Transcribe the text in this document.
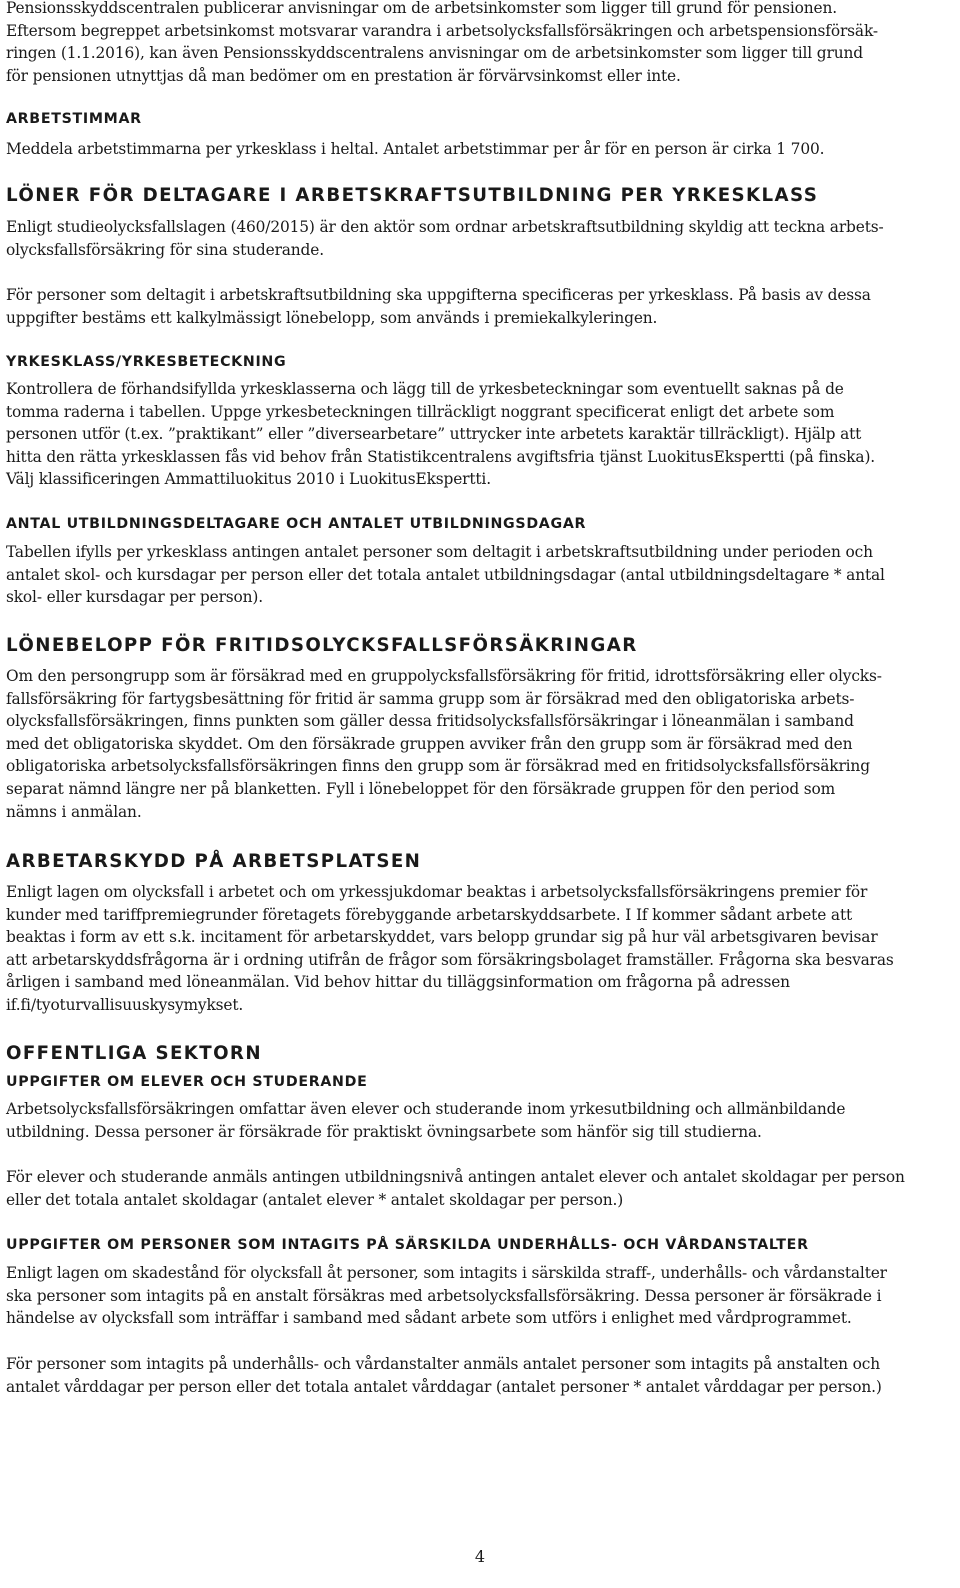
Pensionsskyddscentralen publicerar anvisningar om de arbetsinkomster som ligger till grund för pensionen.
Eftersom begreppet arbetsinkomst motsvarar varandra i arbetsolycksfallsförsäkringen och arbetspensionsförsäk-
ringen (1.1.2016), kan även Pensionsskyddscentralens anvisningar om de arbetsinkomster som ligger till grund
för pensionen utnyttjas då man bedömer om en prestation är förvärvsinkomst eller inte.

ARBETSTIMMAR

Meddela arbetstimmarna per yrkesklass i heltal. Antalet arbetstimmar per år för en person är cirka 1 700.

LÖNER FÖR DELTAGARE I ARBETSKRAFTSUTBILDNING PER YRKESKLASS

Enligt studieolycksfallslagen (460/2015) är den aktör som ordnar arbetskraftsutbildning skyldig att teckna arbets-
olycksfallsförsäkring för sina studerande.

För personer som deltagit i arbetskraftsutbildning ska uppgifterna specificeras per yrkesklass. På basis av dessa
uppgifter bestäms ett kalkylmässigt lönebelopp, som används i premiekalkyleringen.

YRKESKLASS/YRKESBETECKNING

Kontrollera de förhandsifyllda yrkesklasserna och lägg till de yrkesbeteckningar som eventuellt saknas på de
tomma raderna i tabellen. Uppge yrkesbeteckningen tillräckligt noggrant specificerat enligt det arbete som
personen utför (t.ex. ”praktikant” eller ”diversearbetare” uttrycker inte arbetets karaktär tillräckligt). Hjälp att
hitta den rätta yrkesklassen fås vid behov från Statistikcentralens avgiftsfria tjänst LuokitusEkspertti (på finska).
Välj klassificeringen Ammattiluokitus 2010 i LuokitusEkspertti.

ANTAL UTBILDNINGSDELTAGARE OCH ANTALET UTBILDNINGSDAGAR

Tabellen ifylls per yrkesklass antingen antalet personer som deltagit i arbetskraftsutbildning under perioden och
antalet skol- och kursdagar per person eller det totala antalet utbildningsdagar (antal utbildningsdeltagare * antal
skol- eller kursdagar per person).

LÖNEBELOPP FÖR FRITIDSOLYCKSFALLSFÖRSÄKRINGAR

Om den persongrupp som är försäkrad med en gruppolycksfallsförsäkring för fritid, idrottsförsäkring eller olycks-
fallsförsäkring för fartygsbesättning för fritid är samma grupp som är försäkrad med den obligatoriska arbets-
olycksfallsförsäkringen, finns punkten som gäller dessa fritidsolycksfallsförsäkringar i löneanmälan i samband
med det obligatoriska skyddet. Om den försäkrade gruppen avviker från den grupp som är försäkrad med den
obligatoriska arbetsolycksfallsförsäkringen finns den grupp som är försäkrad med en fritidsolycksfallsförsäkring
separat nämnd längre ner på blanketten. Fyll i lönebeloppet för den försäkrade gruppen för den period som
nämns i anmälan.

ARBETARSKYDD PÅ ARBETSPLATSEN

Enligt lagen om olycksfall i arbetet och om yrkessjukdomar beaktas i arbetsolycksfallsförsäkringens premier för
kunder med tariffpremiegrunder företagets förebyggande arbetarskyddsarbete. I If kommer sådant arbete att
beaktas i form av ett s.k. incitament för arbetarskyddet, vars belopp grundar sig på hur väl arbetsgivaren bevisar
att arbetarskyddsfrågorna är i ordning utifrån de frågor som försäkringsbolaget framställer. Frågorna ska besvaras
årligen i samband med löneanmälan. Vid behov hittar du tilläggsinformation om frågorna på adressen
if.fi/tyoturvallisuuskysymykset.

OFFENTLIGA SEKTORN
UPPGIFTER OM ELEVER OCH STUDERANDE

Arbetsolycksfallsförsäkringen omfattar även elever och studerande inom yrkesutbildning och allmänbildande
utbildning. Dessa personer är försäkrade för praktiskt övningsarbete som hänför sig till studierna.

För elever och studerande anmäls antingen utbildningsnivå antingen antalet elever och antalet skoldagar per person
eller det totala antalet skoldagar (antalet elever * antalet skoldagar per person.)

UPPGIFTER OM PERSONER SOM INTAGITS PÅ SÄRSKILDA UNDERHÅLLS- OCH VÅRDANSTALTER

Enligt lagen om skadestånd för olycksfall åt personer, som intagits i särskilda straff-, underhålls- och vårdanstalter
ska personer som intagits på en anstalt försäkras med arbetsolycksfallsförsäkring. Dessa personer är försäkrade i
händelse av olycksfall som inträffar i samband med sådant arbete som utförs i enlighet med vårdprogrammet.

För personer som intagits på underhålls- och vårdanstalter anmäls antalet personer som intagits på anstalten och
antalet vårddagar per person eller det totala antalet vårddagar (antalet personer * antalet vårddagar per person.)

4
